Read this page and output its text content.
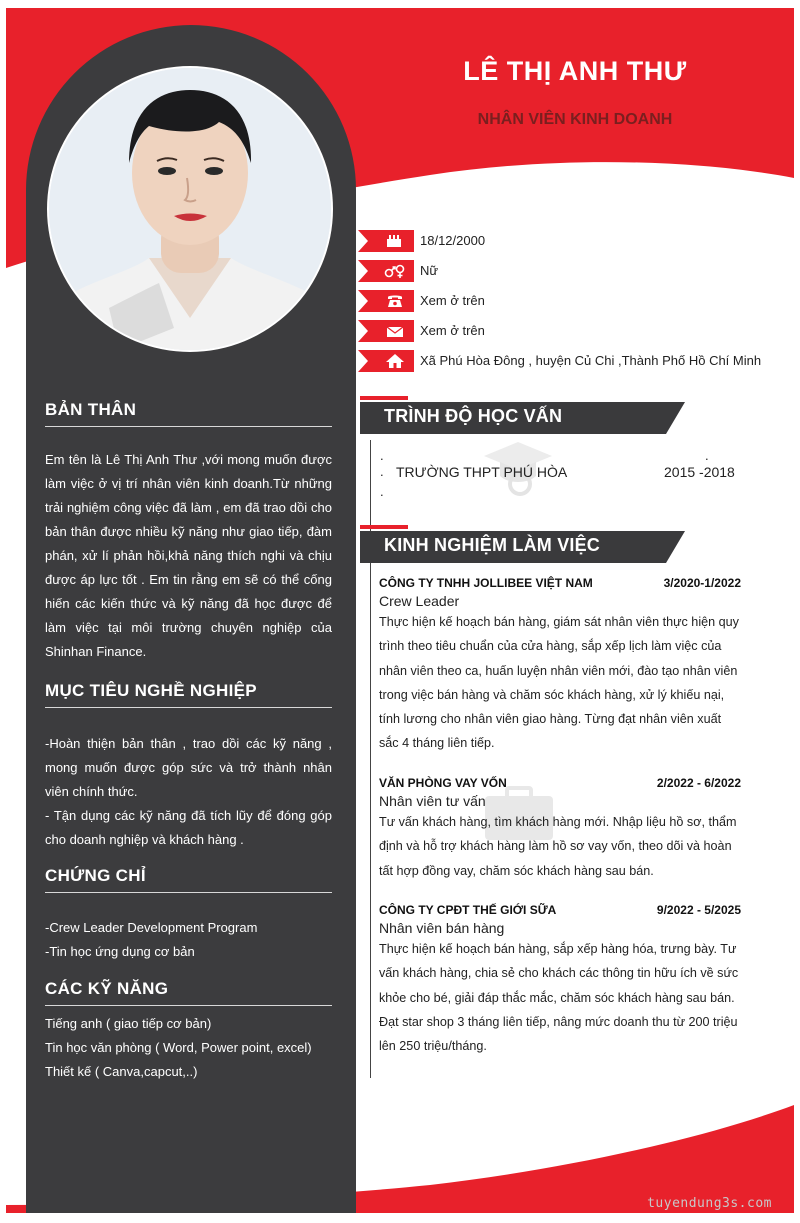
LÊ THỊ ANH THƯ
NHÂN VIÊN KINH DOANH
18/12/2000
Nữ
Xem ở trên
Xem ở trên
Xã Phú Hòa Đông , huyện Củ Chi ,Thành Phố Hồ Chí Minh
BẢN THÂN

Em tên là Lê Thị Anh Thư ,với mong muốn được làm việc ở vị trí nhân viên kinh doanh.Từ những trải nghiệm công việc đã làm , em đã trao dồi cho bản thân được nhiều kỹ năng như giao tiếp, đàm phán, xử lí phản hồi,khả năng thích nghi và chịu được áp lực tốt . Em tin rằng em sẽ có thể cống hiến các kiến thức và kỹ năng đã học được để làm việc tại môi trường chuyên nghiệp của Shinhan Finance.

MỤC TIÊU NGHỀ NGHIỆP

-Hoàn thiện bản thân , trao dồi các kỹ năng , mong muốn được góp sức và trở thành nhân viên chính thức.

- Tận dụng các kỹ năng đã tích lũy để đóng góp cho doanh nghiệp và khách hàng .

CHỨNG CHỈ
-Crew Leader Development Program
-Tin học ứng dụng cơ bản
CÁC KỸ NĂNG
Tiếng anh ( giao tiếp cơ bản)
Tin học văn phòng ( Word, Power point, excel)
Thiết kế ( Canva,capcut,..)
TRÌNH ĐỘ HỌC VẤN
.	.
.
.
TRƯỜNG THPT PHÚ HÒA	2015 -2018
KINH NGHIỆM LÀM VIỆC
CÔNG TY TNHH JOLLIBEE VIỆT NAM	3/2020-1/2022
Crew Leader
Thực hiện kế hoạch bán hàng, giám sát nhân viên thực hiện quy trình theo tiêu chuẩn của cửa hàng, sắp xếp lịch làm việc của nhân viên theo ca, huấn luyện nhân viên mới, đào tạo nhân viên trong việc bán hàng và chăm sóc khách hàng, xử lý khiếu nại, tính lương cho nhân viên giao hàng. Từng đạt nhân viên xuất sắc 4 tháng liên tiếp.
VĂN PHÒNG VAY VỐN	2/2022 - 6/2022
Nhân viên tư vấn
Tư vấn khách hàng, tìm khách hàng mới. Nhập liệu hồ sơ, thẩm định và hỗ trợ khách hàng làm hồ sơ vay vốn, theo dõi và hoàn tất hợp đồng vay, chăm sóc khách hàng sau bán.
CÔNG TY CPĐT THẾ GIỚI SỮA	9/2022 - 5/2025
Nhân viên bán hàng
Thực hiện kế hoạch bán hàng, sắp xếp hàng hóa, trưng bày. Tư vấn khách hàng, chia sẻ cho khách các thông tin hữu ích về sức khỏe cho bé, giải đáp thắc mắc, chăm sóc khách hàng sau bán. Đạt star shop 3 tháng liên tiếp, nâng mức doanh thu từ 200 triệu lên 250 triệu/tháng.
tuyendung3s.com
